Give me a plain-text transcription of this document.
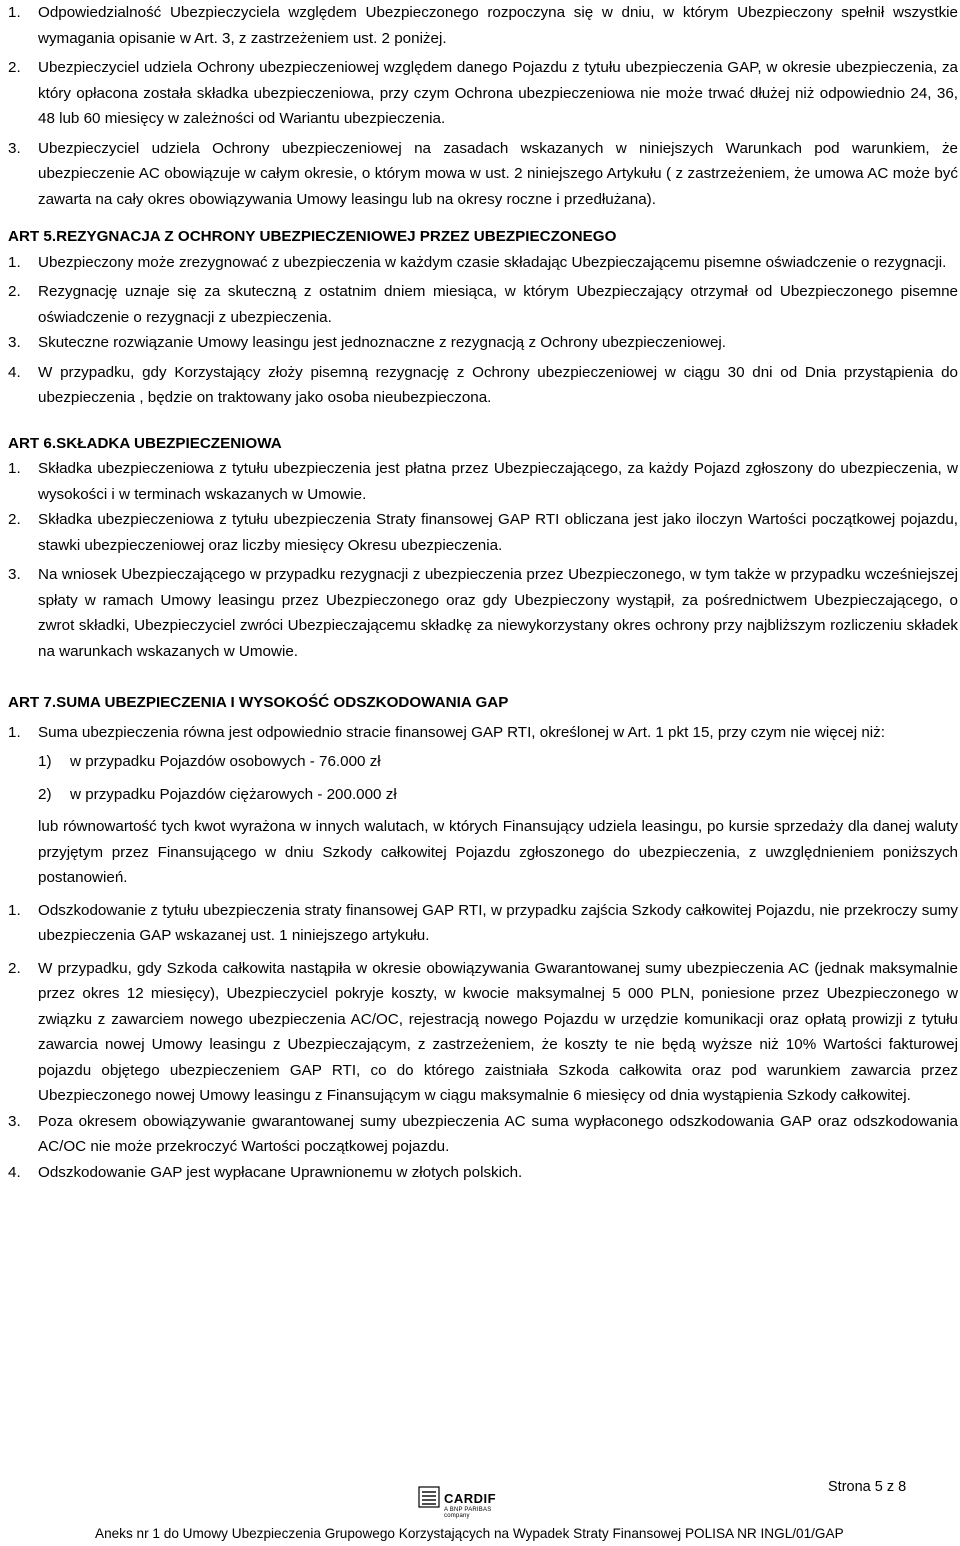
1. Odpowiedzialność Ubezpieczyciela względem Ubezpieczonego rozpoczyna się w dniu, w którym Ubezpieczony spełnił wszystkie wymagania opisanie w Art. 3, z zastrzeżeniem ust. 2 poniżej.
2. Ubezpieczyciel udziela Ochrony ubezpieczeniowej względem danego Pojazdu z tytułu ubezpieczenia GAP, w okresie ubezpieczenia, za który opłacona została składka ubezpieczeniowa, przy czym Ochrona ubezpieczeniowa nie może trwać dłużej niż odpowiednio 24, 36, 48 lub 60 miesięcy w zależności od Wariantu ubezpieczenia.
3. Ubezpieczyciel udziela Ochrony ubezpieczeniowej na zasadach wskazanych w niniejszych Warunkach pod warunkiem, że ubezpieczenie AC obowiązuje w całym okresie, o którym mowa w ust. 2 niniejszego Artykułu ( z zastrzeżeniem, że umowa AC może być zawarta na cały okres obowiązywania Umowy leasingu lub na okresy roczne i przedłużana).
ART 5.REZYGNACJA Z OCHRONY UBEZPIECZENIOWEJ PRZEZ UBEZPIECZONEGO
1. Ubezpieczony może zrezygnować z ubezpieczenia w każdym czasie składając Ubezpieczającemu pisemne oświadczenie o rezygnacji.
2. Rezygnację uznaje się za skuteczną z ostatnim dniem miesiąca, w którym Ubezpieczający otrzymał od Ubezpieczonego pisemne oświadczenie o rezygnacji z ubezpieczenia.
3. Skuteczne rozwiązanie Umowy leasingu jest jednoznaczne z rezygnacją z Ochrony ubezpieczeniowej.
4. W przypadku, gdy Korzystający złoży pisemną rezygnację z Ochrony ubezpieczeniowej w ciągu 30 dni od Dnia przystąpienia do ubezpieczenia , będzie on traktowany jako osoba nieubezpieczona.
ART 6.SKŁADKA UBEZPIECZENIOWA
1. Składka ubezpieczeniowa z tytułu ubezpieczenia jest płatna przez Ubezpieczającego, za każdy Pojazd zgłoszony do ubezpieczenia, w wysokości i w terminach wskazanych w Umowie.
2. Składka ubezpieczeniowa z tytułu ubezpieczenia Straty finansowej GAP RTI obliczana jest jako iloczyn Wartości początkowej pojazdu, stawki ubezpieczeniowej oraz liczby miesięcy Okresu ubezpieczenia.
3. Na wniosek Ubezpieczającego w przypadku rezygnacji z ubezpieczenia przez Ubezpieczonego, w tym także w przypadku wcześniejszej spłaty w ramach Umowy leasingu przez Ubezpieczonego oraz gdy Ubezpieczony wystąpił, za pośrednictwem Ubezpieczającego, o zwrot składki, Ubezpieczyciel zwróci Ubezpieczającemu składkę za niewykorzystany okres ochrony przy najbliższym rozliczeniu składek na warunkach wskazanych w Umowie.
ART 7.SUMA UBEZPIECZENIA I WYSOKOŚĆ ODSZKODOWANIA GAP
1. Suma ubezpieczenia równa jest odpowiednio stracie finansowej GAP RTI, określonej w Art. 1 pkt 15, przy czym nie więcej niż:
1) w przypadku Pojazdów osobowych - 76.000 zł
2) w przypadku Pojazdów ciężarowych - 200.000 zł
lub równowartość tych kwot wyrażona w innych walutach, w których Finansujący udziela leasingu, po kursie sprzedaży dla danej waluty przyjętym przez Finansującego w dniu Szkody całkowitej Pojazdu zgłoszonego do ubezpieczenia, z uwzględnieniem poniższych postanowień.
1. Odszkodowanie z tytułu ubezpieczenia straty finansowej GAP RTI, w przypadku zajścia Szkody całkowitej Pojazdu, nie przekroczy sumy ubezpieczenia GAP wskazanej ust. 1 niniejszego artykułu.
2. W przypadku, gdy Szkoda całkowita nastąpiła w okresie obowiązywania Gwarantowanej sumy ubezpieczenia AC (jednak maksymalnie przez okres 12 miesięcy), Ubezpieczyciel pokryje koszty, w kwocie maksymalnej 5 000 PLN, poniesione przez Ubezpieczonego w związku z zawarciem nowego ubezpieczenia AC/OC, rejestracją nowego Pojazdu w urzędzie komunikacji oraz opłatą prowizji z tytułu zawarcia nowej Umowy leasingu z Ubezpieczającym, z zastrzeżeniem, że koszty te nie będą wyższe niż 10% Wartości fakturowej pojazdu objętego ubezpieczeniem GAP RTI, co do którego zaistniała Szkoda całkowita oraz pod warunkiem zawarcia przez Ubezpieczonego nowej Umowy leasingu z Finansującym w ciągu maksymalnie 6 miesięcy od dnia wystąpienia Szkody całkowitej.
3. Poza okresem obowiązywanie gwarantowanej sumy ubezpieczenia AC suma wypłaconego odszkodowania GAP oraz odszkodowania AC/OC nie może przekroczyć Wartości początkowej pojazdu.
4. Odszkodowanie GAP jest wypłacane Uprawnionemu w złotych polskich.
Strona 5 z 8
CARDIF
A BNP PARIBAS company
Aneks nr 1 do Umowy Ubezpieczenia Grupowego Korzystających na Wypadek Straty Finansowej POLISA NR INGL/01/GAP
